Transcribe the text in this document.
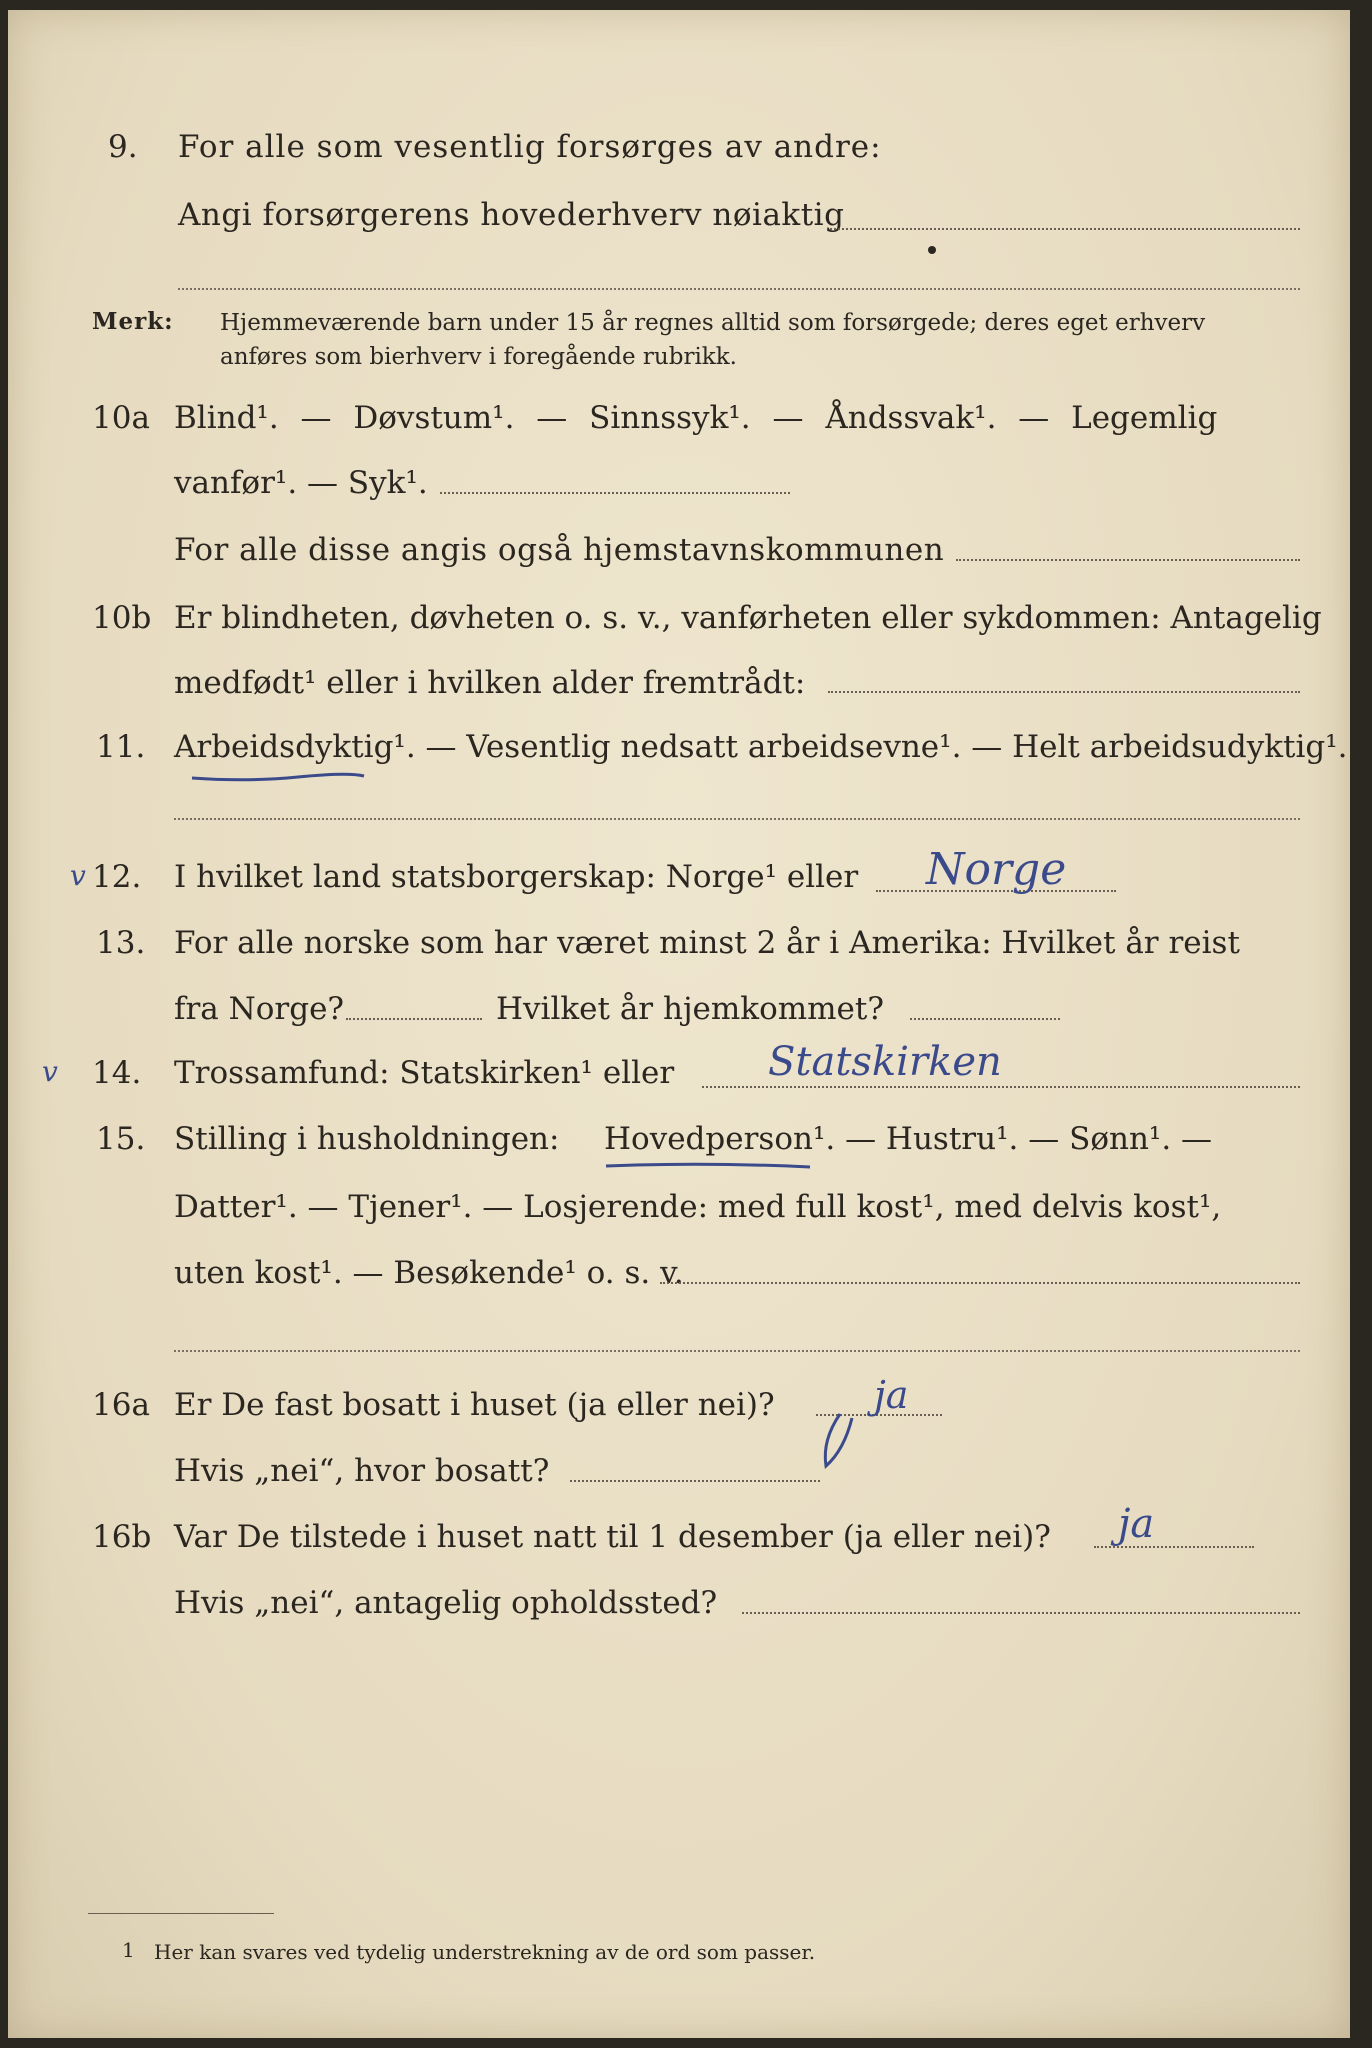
9. For alle som vesentlig forsørges av andre:
Angi forsørgerens hovederhverv nøiaktig
Merk: Hjemmeværende barn under 15 år regnes alltid som forsørgede; deres eget erhverv
anføres som bierhverv i foregående rubrikk.
10a Blind¹. — Døvstum¹. — Sinnssyk¹. — Åndssvak¹. — Legemlig
vanfør¹. — Syk¹.
For alle disse angis også hjemstavnskommunen
10b Er blindheten, døvheten o. s. v., vanførheten eller sykdommen: Antagelig
medfødt¹ eller i hvilken alder fremtrådt:
11. Arbeidsdyktig¹. — Vesentlig nedsatt arbeidsevne¹. — Helt arbeidsudyktig¹.
v 12. I hvilket land statsborgerskap: Norge¹ eller Norge
13. For alle norske som har været minst 2 år i Amerika: Hvilket år reist
fra Norge?	Hvilket år hjemkommet?
v 14. Trossamfund: Statskirken¹ eller Statskirken
15. Stilling i husholdningen: Hovedperson¹. — Hustru¹. — Sønn¹. —
Datter¹. — Tjener¹. — Losjerende: med full kost¹, med delvis kost¹,
uten kost¹. — Besøkende¹ o. s. v.
16a Er De fast bosatt i huset (ja eller nei)?	ja
Hvis „nei“, hvor bosatt?
16b Var De tilstede i huset natt til 1 desember (ja eller nei)? ja
Hvis „nei“, antagelig opholdssted?
1 Her kan svares ved tydelig understrekning av de ord som passer.
